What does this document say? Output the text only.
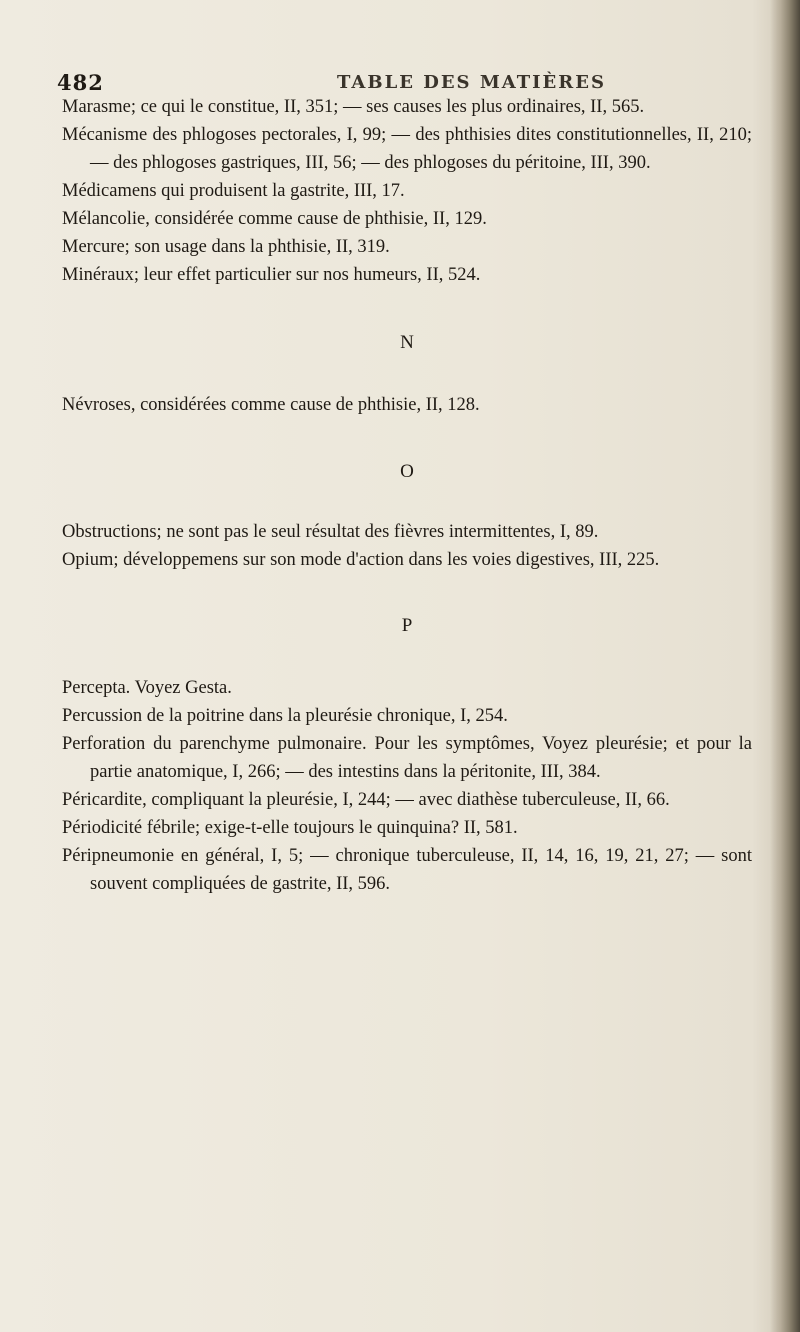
482	TABLE DES MATIÈRES

Marasme; ce qui le constitue, II, 351; — ses causes les plus ordinaires, II, 565.

Mécanisme des phlogoses pectorales, I, 99; — des phthisies dites constitutionnelles, II, 210; — des phlogoses gastriques, III, 56; — des phlogoses du péritoine, III, 390.

Médicamens qui produisent la gastrite, III, 17.

Mélancolie, considérée comme cause de phthisie, II, 129.

Mercure; son usage dans la phthisie, II, 319.

Minéraux; leur effet particulier sur nos humeurs, II, 524.

N

Névroses, considérées comme cause de phthisie, II, 128.

O

Obstructions; ne sont pas le seul résultat des fièvres intermittentes, I, 89.

Opium; développemens sur son mode d'action dans les voies digestives, III, 225.

P

Percepta. Voyez Gesta.

Percussion de la poitrine dans la pleurésie chronique, I, 254.

Perforation du parenchyme pulmonaire. Pour les symptômes, Voyez pleurésie; et pour la partie anatomique, I, 266; — des intestins dans la péritonite, III, 384.

Péricardite, compliquant la pleurésie, I, 244; — avec diathèse tuberculeuse, II, 66.

Périodicité fébrile; exige-t-elle toujours le quinquina? II, 581.

Péripneumonie en général, I, 5; — chronique tuberculeuse, II, 14, 16, 19, 21, 27; — sont souvent compliquées de gastrite, II, 596.
